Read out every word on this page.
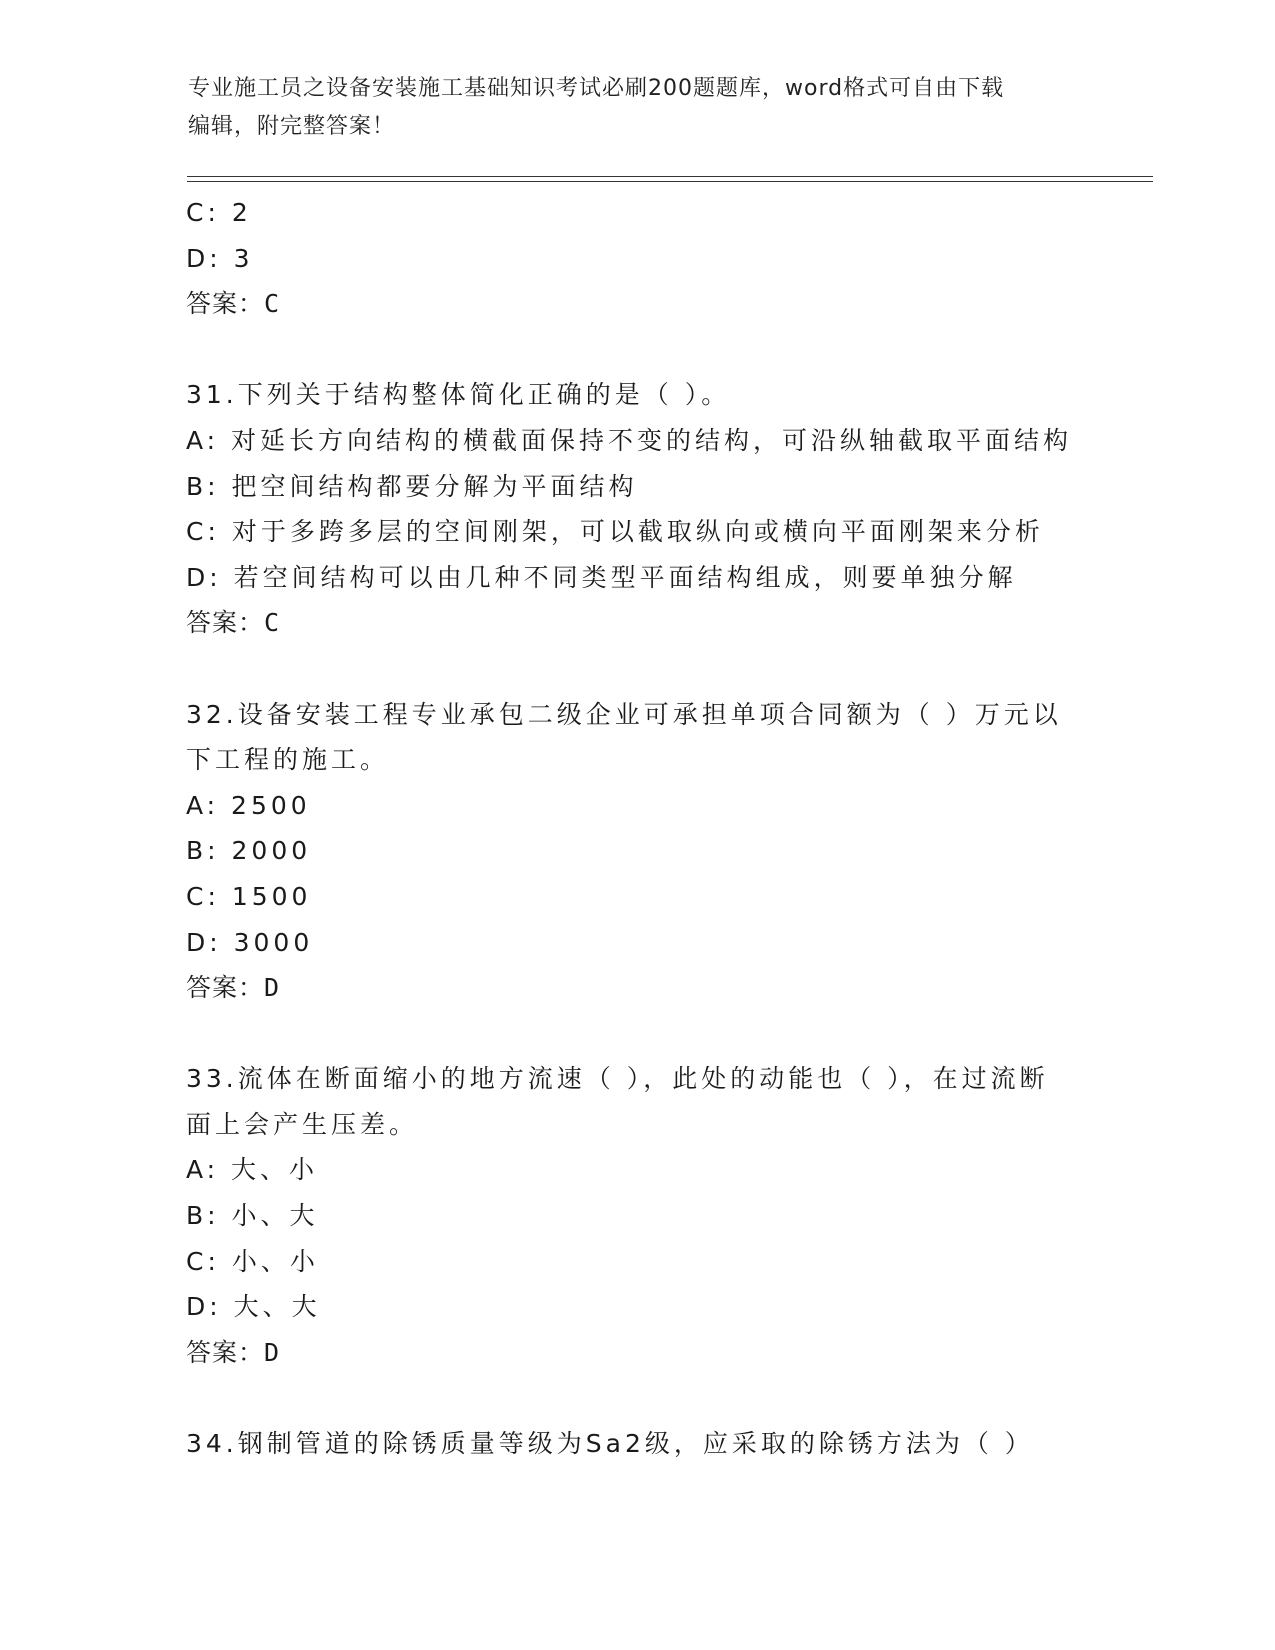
专业施工员之设备安装施工基础知识考试必刷200题题库，word格式可自由下载
编辑，附完整答案！
C: 2
D: 3
答案：C
31.下列关于结构整体简化正确的是（ ）。
A: 对延长方向结构的横截面保持不变的结构，可沿纵轴截取平面结构
B: 把空间结构都要分解为平面结构
C: 对于多跨多层的空间刚架，可以截取纵向或横向平面刚架来分析
D: 若空间结构可以由几种不同类型平面结构组成，则要单独分解
答案：C
32.设备安装工程专业承包二级企业可承担单项合同额为（ ）万元以
下工程的施工。
A: 2500
B: 2000
C: 1500
D: 3000
答案：D
33.流体在断面缩小的地方流速（ ），此处的动能也（ ），在过流断
面上会产生压差。
A: 大、小
B: 小、大
C: 小、小
D: 大、大
答案：D
34.钢制管道的除锈质量等级为Sa2级，应采取的除锈方法为（ ）
